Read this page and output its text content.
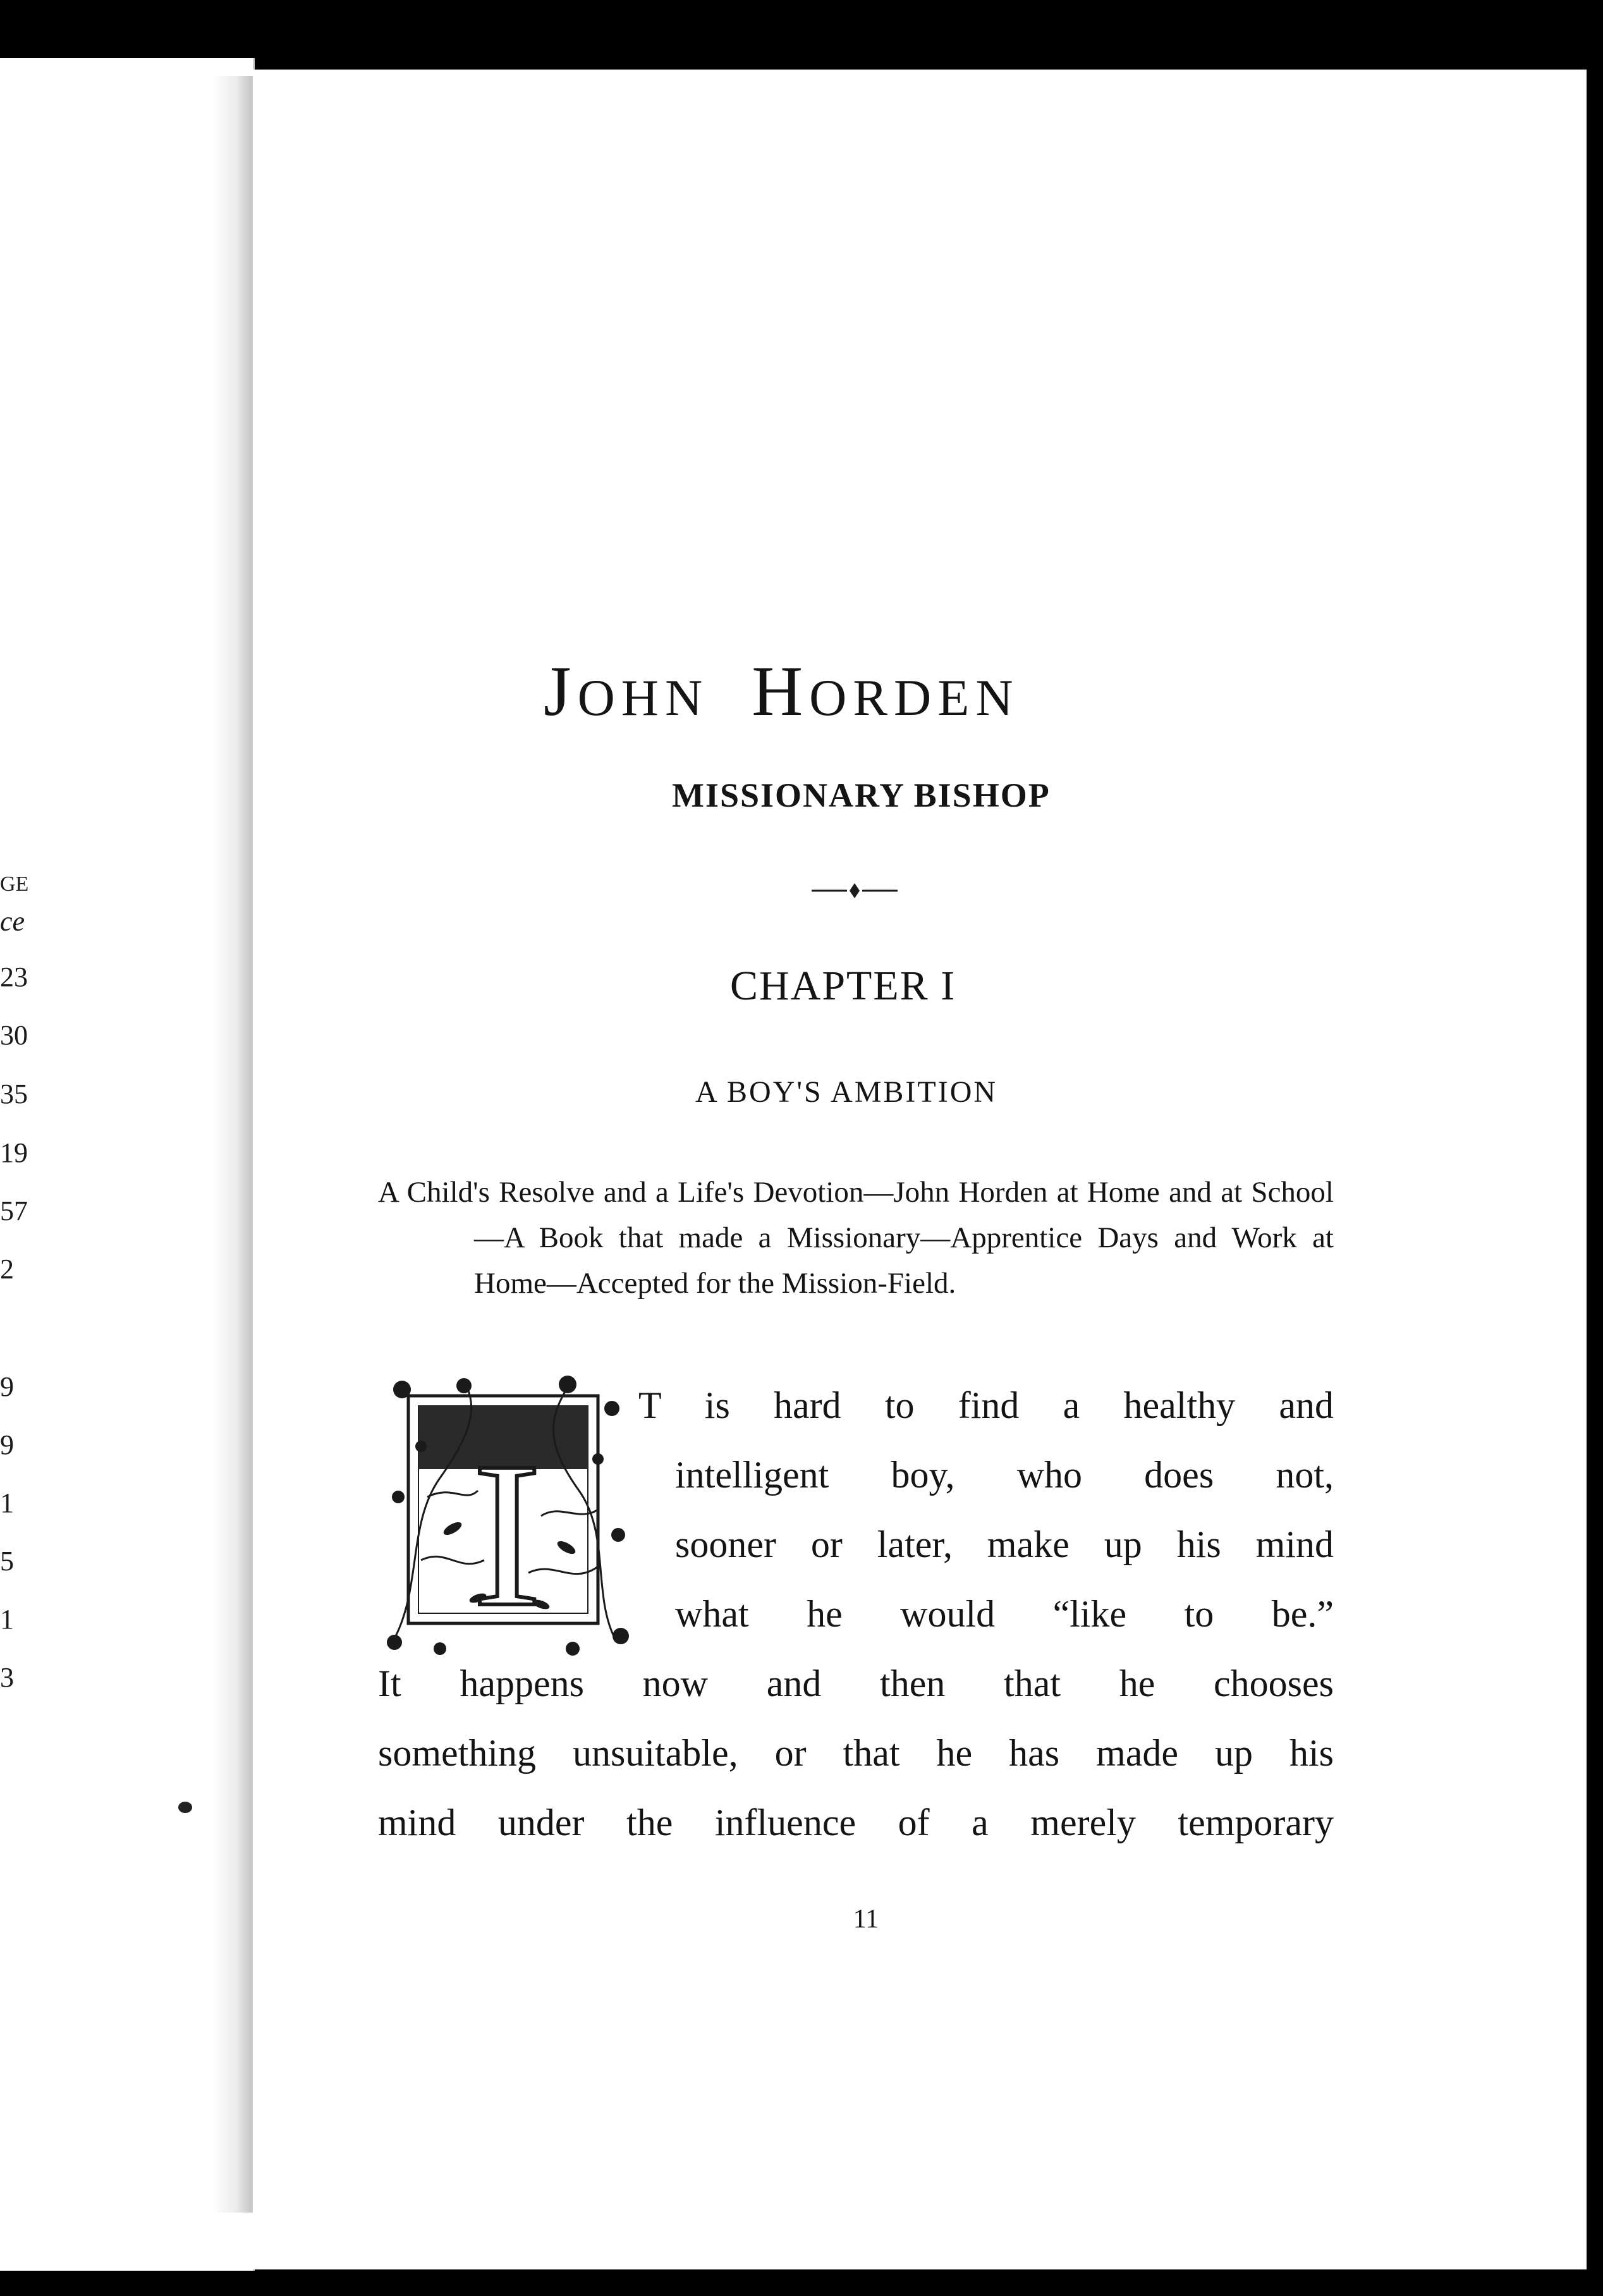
GE
ce
23
30
35
19
57
2
9
9
1
5
1
3
JOHN HORDEN
MISSIONARY BISHOP
CHAPTER I
A BOY'S AMBITION

A Child's Resolve and a Life's Devotion—John Horden at Home and at School—A Book that made a Missionary—Apprentice Days and Work at Home—Accepted for the Mission-Field.

I

T is hard to find a healthy and

intelligent boy, who does not,

sooner or later, make up his mind

what he would “like to be.”

It happens now and then that he chooses

something unsuitable, or that he has made up his

mind under the influence of a merely temporary

11
